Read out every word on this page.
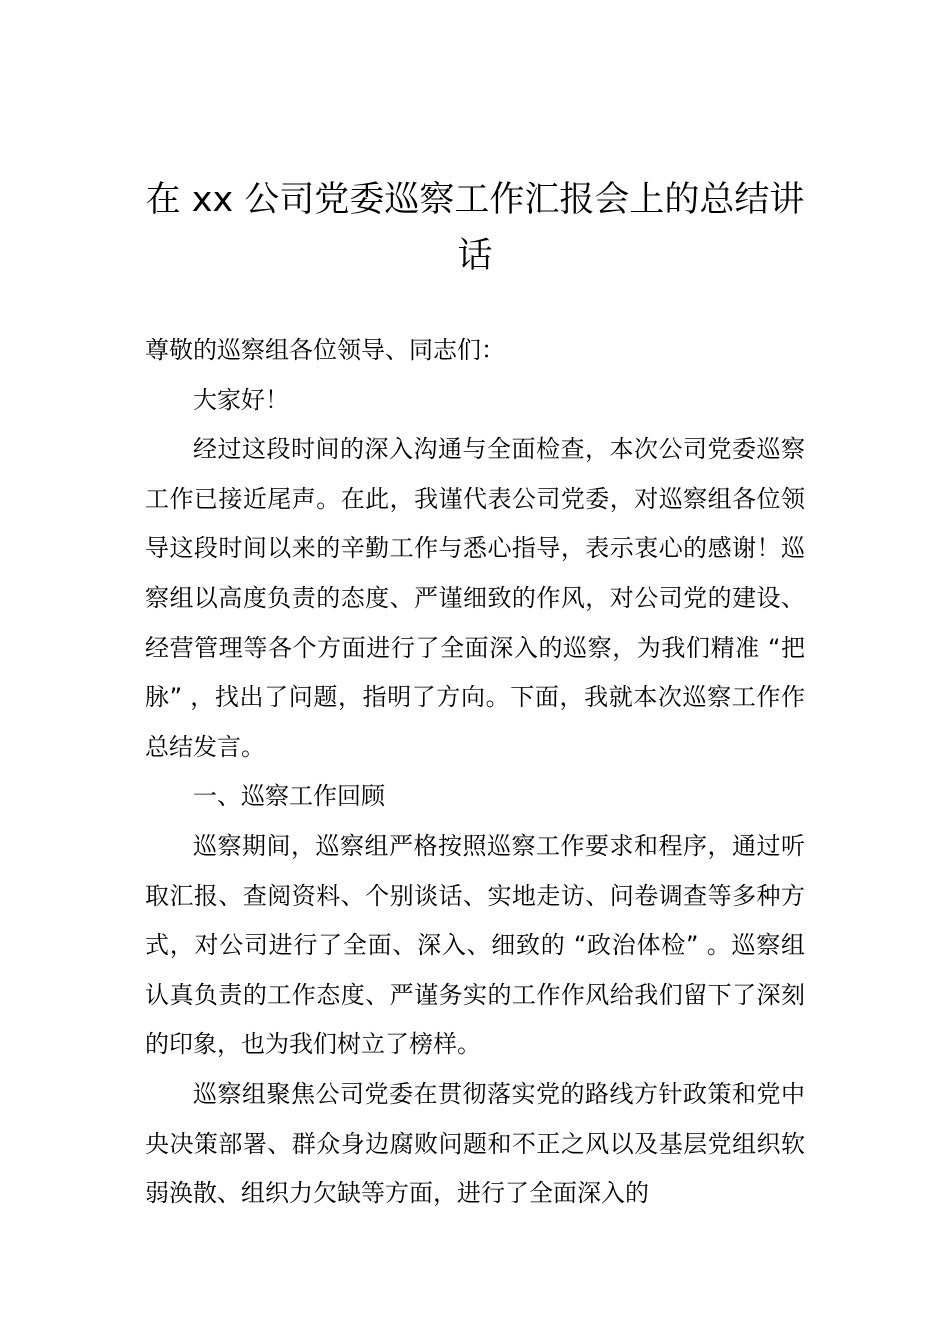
在 xx 公司党委巡察工作汇报会上的总结讲话

尊敬的巡察组各位领导、同志们：

大家好！

经过这段时间的深入沟通与全面检查，本次公司党委巡察工作已接近尾声。在此，我谨代表公司党委，对巡察组各位领导这段时间以来的辛勤工作与悉心指导，表示衷心的感谢！巡察组以高度负责的态度、严谨细致的作风，对公司党的建设、经营管理等各个方面进行了全面深入的巡察，为我们精准 “把脉” ，找出了问题，指明了方向。下面，我就本次巡察工作作总结发言。

一、巡察工作回顾

巡察期间，巡察组严格按照巡察工作要求和程序，通过听取汇报、查阅资料、个别谈话、实地走访、问卷调查等多种方式，对公司进行了全面、深入、细致的 “政治体检” 。巡察组认真负责的工作态度、严谨务实的工作作风给我们留下了深刻的印象，也为我们树立了榜样。

巡察组聚焦公司党委在贯彻落实党的路线方针政策和党中央决策部署、群众身边腐败问题和不正之风以及基层党组织软弱涣散、组织力欠缺等方面，进行了全面深入的
